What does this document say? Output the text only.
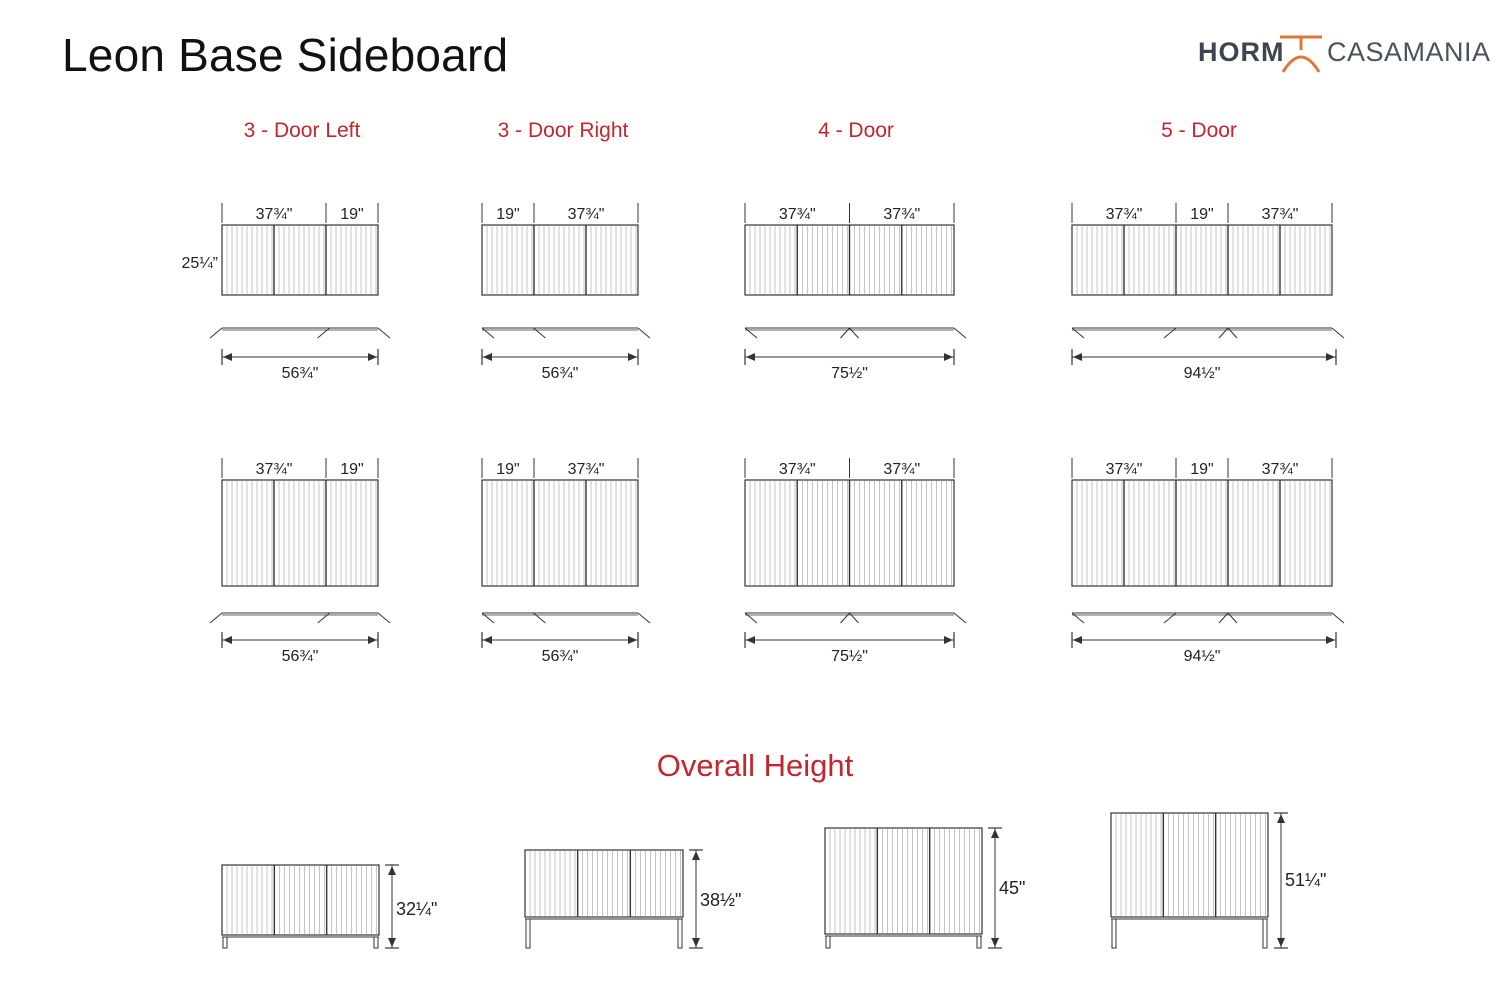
Leon Base Sideboard	HORM CASAMANIA
3 - Door Left
37¾"	19"
56¾"
37¾"	19"
56¾"
3 - Door Right
19"	37¾"
56¾"
19"	37¾"
56¾"
4 - Door
37¾"	37¾"
75½"
37¾"	37¾"
75½"
5 - Door
37¾"	19"	37¾"
94½"
37¾"	19"	37¾"
94½"
25¼”
Overall Height
32¼"	38½"
45"	51¼"
